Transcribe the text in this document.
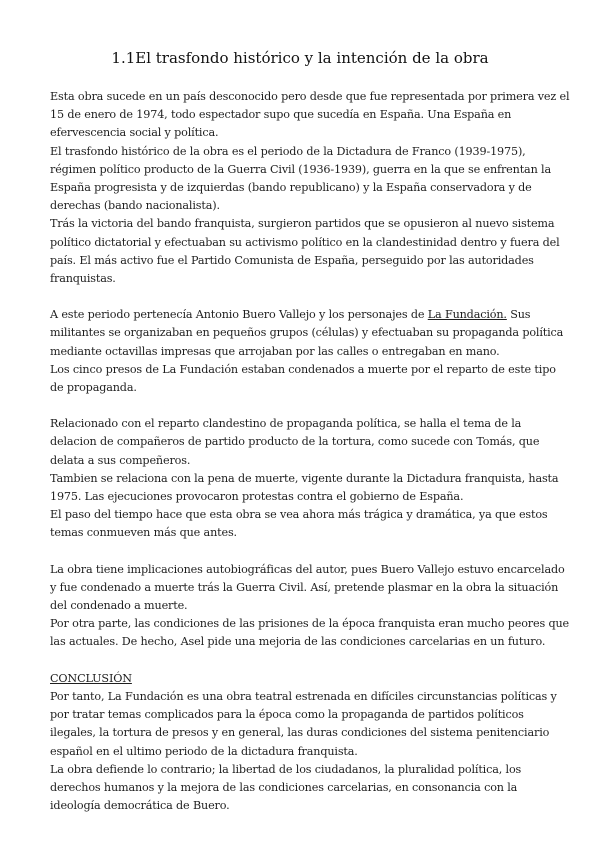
1.1El trasfondo histórico y la intención de la obra

Esta obra sucede en un país desconocido pero desde que fue representada por primera vez el 15 de enero de 1974, todo espectador supo que sucedía en España. Una España en efervescencia social y política.

El trasfondo histórico de la obra es el periodo de la Dictadura de Franco (1939-1975), régimen político producto de la Guerra Civil (1936-1939), guerra en la que se enfrentan la España progresista y de izquierdas (bando republicano) y la España conservadora y de derechas (bando nacionalista).

Trás la victoria del bando franquista, surgieron partidos que se opusieron al nuevo sistema político dictatorial y efectuaban su activismo político en la clandestinidad dentro y fuera del país. El más activo fue el Partido Comunista de España, perseguido por las autoridades franquistas.

A este periodo pertenecía Antonio Buero Vallejo y los personajes de La Fundación. Sus militantes se organizaban en pequeños grupos (células) y efectuaban su propaganda política mediante octavillas impresas que arrojaban por las calles o entregaban en mano.

Los cinco presos de La Fundación estaban condenados a muerte por el reparto de este tipo de propaganda.

Relacionado con el reparto clandestino de propaganda política, se halla el tema de la delacion de compañeros de partido producto de la tortura, como sucede con Tomás, que delata a sus compeñeros.

Tambien se relaciona con la pena de muerte, vigente durante la Dictadura franquista, hasta 1975. Las ejecuciones provocaron protestas contra el gobierno de España.

El paso del tiempo hace que esta obra se vea ahora más trágica y dramática, ya que estos temas conmueven más que antes.

La obra tiene implicaciones autobiográficas del autor, pues Buero Vallejo estuvo encarcelado y fue condenado a muerte trás la Guerra Civil. Así, pretende plasmar en la obra la situación del condenado a muerte.

Por otra parte, las condiciones de las prisiones de la época franquista eran mucho peores que las actuales. De hecho, Asel pide una mejoria de las condiciones carcelarias en un futuro.

CONCLUSIÓN

Por tanto, La Fundación es una obra teatral estrenada en difíciles circunstancias políticas y por tratar temas complicados para la época como la propaganda de partidos políticos ilegales, la tortura de presos y en general, las duras condiciones del sistema penitenciario español en el ultimo periodo de la dictadura franquista.

La obra defiende lo contrario; la libertad de los ciudadanos, la pluralidad política, los derechos humanos y la mejora de las condiciones carcelarias, en consonancia con la ideología democrática de Buero.
